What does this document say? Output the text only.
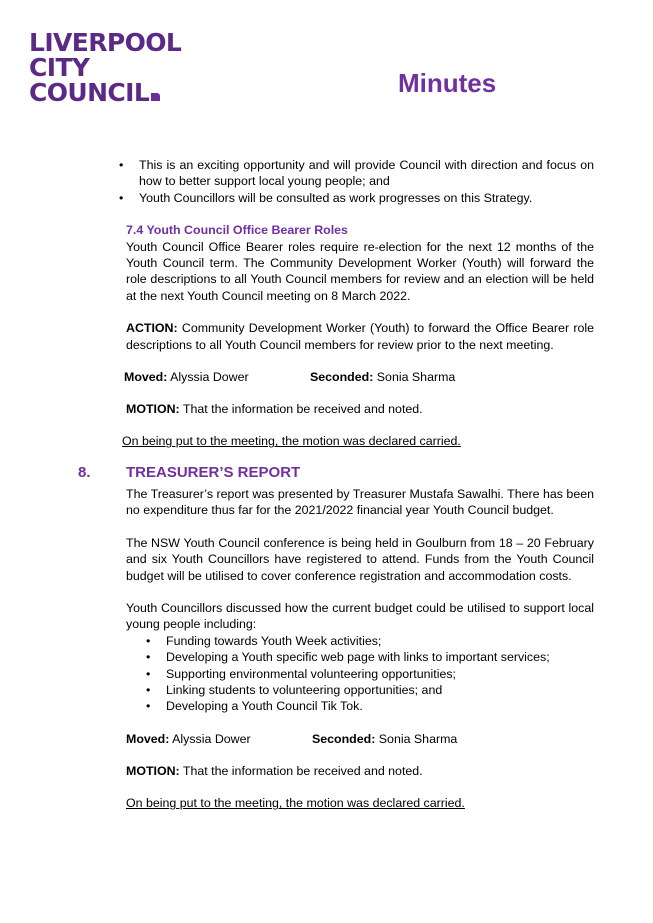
LIVERPOOL
CITY
COUNCIL	Minutes
• This is an exciting opportunity and will provide Council with direction and focus on how to better support local young people; and
• Youth Councillors will be consulted as work progresses on this Strategy.
7.4 Youth Council Office Bearer Roles

Youth Council Office Bearer roles require re-election for the next 12 months of the Youth Council term. The Community Development Worker (Youth) will forward the role descriptions to all Youth Council members for review and an election will be held at the next Youth Council meeting on 8 March 2022.

ACTION: Community Development Worker (Youth) to forward the Office Bearer role descriptions to all Youth Council members for review prior to the next meeting.

Moved: Alyssia Dower	Seconded: Sonia Sharma

MOTION: That the information be received and noted.

On being put to the meeting, the motion was declared carried.

8. TREASURER’S REPORT

The Treasurer’s report was presented by Treasurer Mustafa Sawalhi. There has been no expenditure thus far for the 2021/2022 financial year Youth Council budget.

The NSW Youth Council conference is being held in Goulburn from 18 – 20 February and six Youth Councillors have registered to attend. Funds from the Youth Council budget will be utilised to cover conference registration and accommodation costs.

Youth Councillors discussed how the current budget could be utilised to support local young people including:

• Funding towards Youth Week activities;
• Developing a Youth specific web page with links to important services;
• Supporting environmental volunteering opportunities;
• Linking students to volunteering opportunities; and
• Developing a Youth Council Tik Tok.
Moved: Alyssia Dower	Seconded: Sonia Sharma

MOTION: That the information be received and noted.

On being put to the meeting, the motion was declared carried.
